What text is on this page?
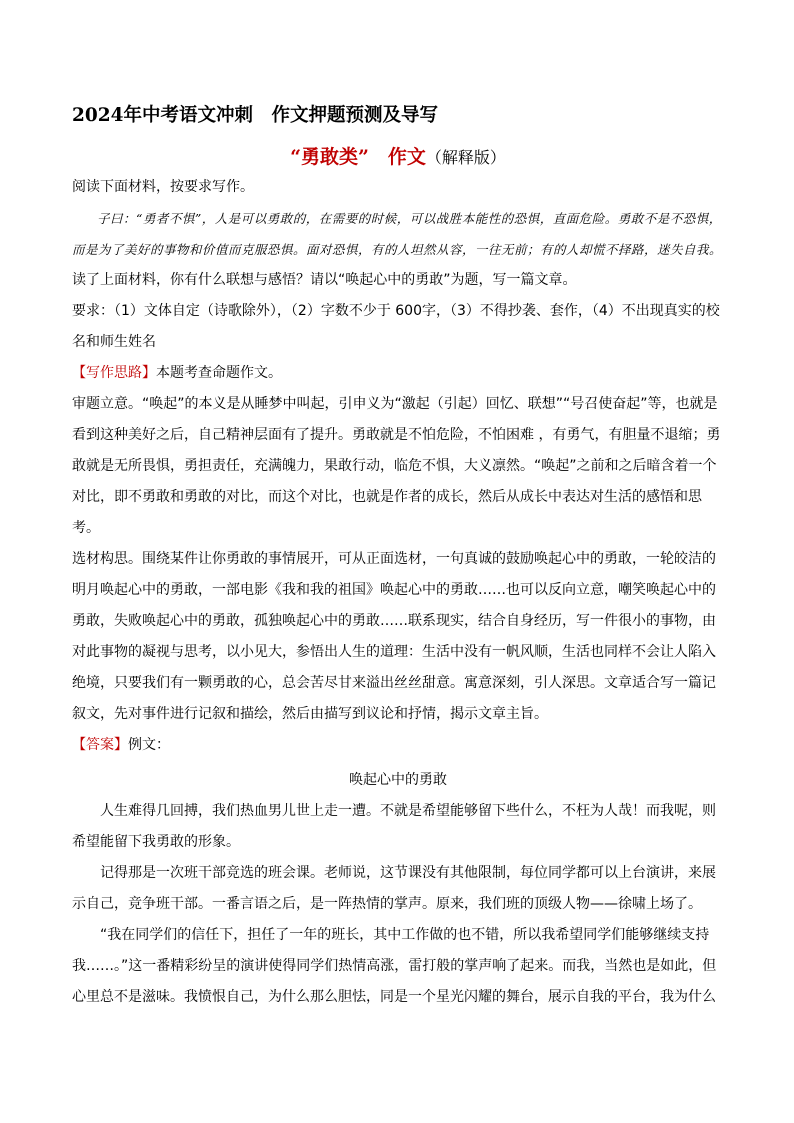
2024年中考语文冲刺　作文押题预测及导写
“勇敢类”　作文（解释版）

阅读下面材料，按要求写作。

子曰：“勇者不惧”，人是可以勇敢的，在需要的时候，可以战胜本能性的恐惧，直面危险。勇敢不是不恐惧，而是为了美好的事物和价值而克服恐惧。面对恐惧，有的人坦然从容，一往无前；有的人却慌不择路，迷失自我。

读了上面材料，你有什么联想与感悟？请以“唤起心中的勇敢”为题，写一篇文章。

要求：（1）文体自定（诗歌除外），（2）字数不少于 600字，（3）不得抄袭、套作，（4）不出现真实的校名和师生姓名

【写作思路】本题考查命题作文。

审题立意。“唤起”的本义是从睡梦中叫起，引申义为“激起（引起）回忆、联想”“号召使奋起”等，也就是看到这种美好之后，自己精神层面有了提升。勇敢就是不怕危险，不怕困难 ，有勇气，有胆量不退缩；勇敢就是无所畏惧，勇担责任，充满魄力，果敢行动，临危不惧，大义凛然。“唤起”之前和之后暗含着一个对比，即不勇敢和勇敢的对比，而这个对比，也就是作者的成长，然后从成长中表达对生活的感悟和思考。

选材构思。围绕某件让你勇敢的事情展开，可从正面选材，一句真诚的鼓励唤起心中的勇敢，一轮皎洁的明月唤起心中的勇敢，一部电影《我和我的祖国》唤起心中的勇敢……也可以反向立意，嘲笑唤起心中的勇敢，失败唤起心中的勇敢，孤独唤起心中的勇敢……联系现实，结合自身经历，写一件很小的事物，由对此事物的凝视与思考，以小见大，参悟出人生的道理：生活中没有一帆风顺，生活也同样不会让人陷入绝境，只要我们有一颗勇敢的心，总会苦尽甘来溢出丝丝甜意。寓意深刻，引人深思。文章适合写一篇记叙文，先对事件进行记叙和描绘，然后由描写到议论和抒情，揭示文章主旨。

【答案】例文：

唤起心中的勇敢

人生难得几回搏，我们热血男儿世上走一遭。不就是希望能够留下些什么，不枉为人哉！而我呢，则希望能留下我勇敢的形象。

记得那是一次班干部竞选的班会课。老师说，这节课没有其他限制，每位同学都可以上台演讲，来展示自己，竞争班干部。一番言语之后，是一阵热情的掌声。原来，我们班的顶级人物——徐啸上场了。

“我在同学们的信任下，担任了一年的班长，其中工作做的也不错，所以我希望同学们能够继续支持我……。”这一番精彩纷呈的演讲使得同学们热情高涨，雷打般的掌声响了起来。而我，当然也是如此，但心里总不是滋味。我愤恨自己，为什么那么胆怯，同是一个星光闪耀的舞台，展示自我的平台，我为什么
